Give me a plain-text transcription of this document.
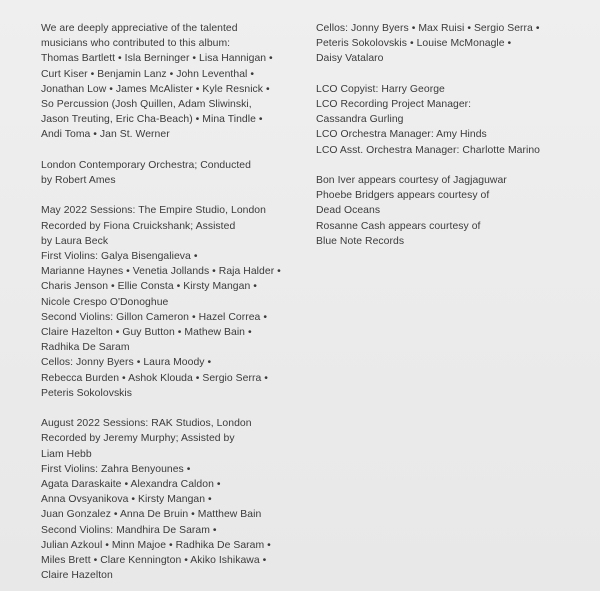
We are deeply appreciative of the talented
musicians who contributed to this album:
Thomas Bartlett • Isla Berninger • Lisa Hannigan •
Curt Kiser • Benjamin Lanz • John Leventhal •
Jonathan Low • James McAlister • Kyle Resnick •
So Percussion (Josh Quillen, Adam Sliwinski,
Jason Treuting, Eric Cha-Beach) • Mina Tindle •
Andi Toma • Jan St. Werner
London Contemporary Orchestra; Conducted
by Robert Ames
May 2022 Sessions: The Empire Studio, London
Recorded by Fiona Cruickshank; Assisted
by Laura Beck
First Violins: Galya Bisengalieva •
Marianne Haynes • Venetia Jollands • Raja Halder •
Charis Jenson • Ellie Consta • Kirsty Mangan •
Nicole Crespo O'Donoghue
Second Violins: Gillon Cameron • Hazel Correa •
Claire Hazelton • Guy Button • Mathew Bain •
Radhika De Saram
Cellos: Jonny Byers • Laura Moody •
Rebecca Burden • Ashok Klouda • Sergio Serra •
Peteris Sokolovskis
August 2022 Sessions: RAK Studios, London
Recorded by Jeremy Murphy; Assisted by
Liam Hebb
First Violins: Zahra Benyounes •
Agata Daraskaite • Alexandra Caldon •
Anna Ovsyanikova • Kirsty Mangan •
Juan Gonzalez • Anna De Bruin • Matthew Bain
Second Violins: Mandhira De Saram •
Julian Azkoul • Minn Majoe • Radhika De Saram •
Miles Brett • Clare Kennington • Akiko Ishikawa •
Claire Hazelton
Cellos: Jonny Byers • Max Ruisi • Sergio Serra •
Peteris Sokolovskis • Louise McMonagle •
Daisy Vatalaro
LCO Copyist: Harry George
LCO Recording Project Manager:
Cassandra Gurling
LCO Orchestra Manager: Amy Hinds
LCO Asst. Orchestra Manager: Charlotte Marino
Bon Iver appears courtesy of Jagjaguwar
Phoebe Bridgers appears courtesy of
Dead Oceans
Rosanne Cash appears courtesy of
Blue Note Records
